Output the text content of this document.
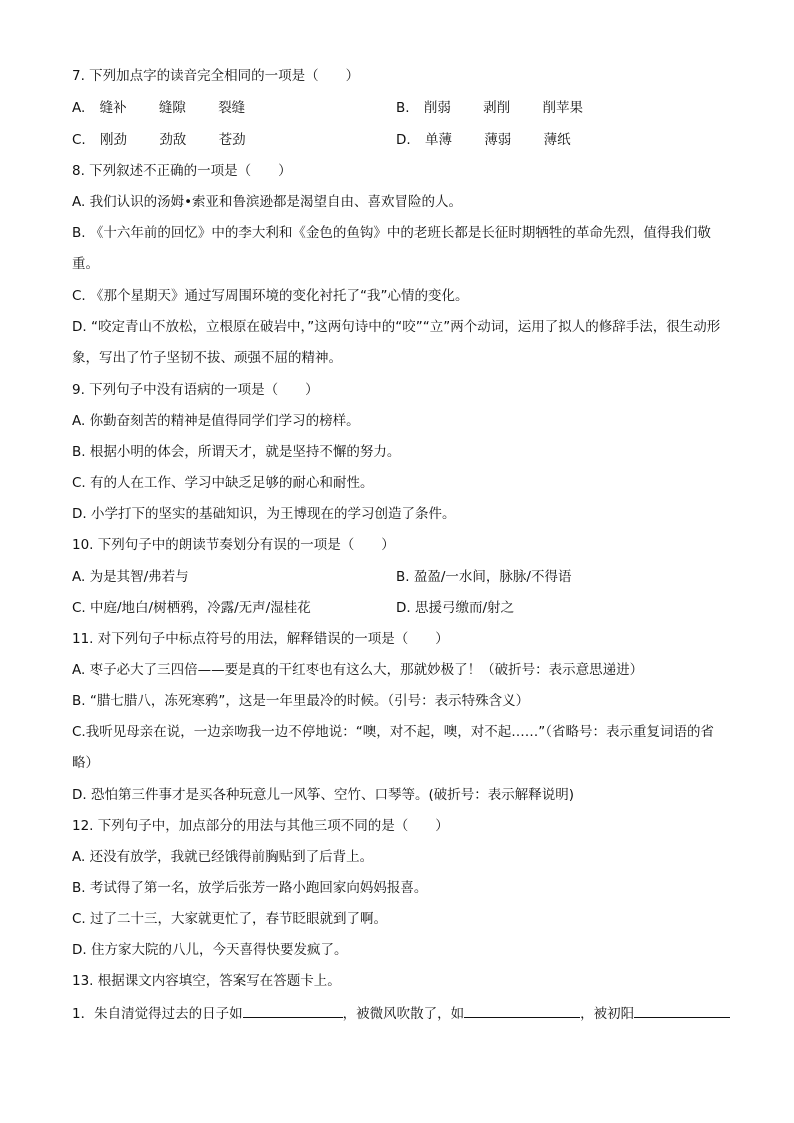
7. 下列加点字的读音完全相同的一项是（　　）
A. 缝补 缝隙 裂缝	B. 削弱 剥削 削苹果
C. 刚劲 劲敌 苍劲	D. 单薄 薄弱 薄纸
8. 下列叙述不正确的一项是（　　）
A. 我们认识的汤姆•索亚和鲁滨逊都是渴望自由、喜欢冒险的人。
B. 《十六年前的回忆》中的李大利和《金色的鱼钩》中的老班长都是长征时期牺牲的革命先烈，值得我们敬重。
C. 《那个星期天》通过写周围环境的变化衬托了“我”心情的变化。
D. “咬定青山不放松，立根原在破岩中，”这两句诗中的“咬”“立”两个动词，运用了拟人的修辞手法，很生动形象，写出了竹子坚韧不拔、顽强不屈的精神。
9. 下列句子中没有语病的一项是（　　）
A. 你勤奋刻苦的精神是值得同学们学习的榜样。
B. 根据小明的体会，所谓天才，就是坚持不懈的努力。
C. 有的人在工作、学习中缺乏足够的耐心和耐性。
D. 小学打下的坚实的基础知识，为王博现在的学习创造了条件。
10. 下列句子中的朗读节奏划分有误的一项是（　　）
A. 为是其智/弗若与	B. 盈盈/一水间，脉脉/不得语
C. 中庭/地白/树栖鸦，冷露/无声/湿桂花	D. 思援弓缴而/射之
11. 对下列句子中标点符号的用法，解释错误的一项是（　　）
A. 枣子必大了三四倍——要是真的干红枣也有这么大，那就妙极了！（破折号：表示意思递进）
B. “腊七腊八，冻死寒鸦”，这是一年里最冷的时候。（引号：表示特殊含义）
C.我听见母亲在说，一边亲吻我一边不停地说：“噢，对不起，噢，对不起……”（省略号：表示重复词语的省略）
D. 恐怕第三件事才是买各种玩意儿一风筝、空竹、口琴等。(破折号：表示解释说明)
12. 下列句子中，加点部分的用法与其他三项不同的是（　　）
A. 还没有放学，我就已经饿得前胸贴到了后背上。
B. 考试得了第一名，放学后张芳一路小跑回家向妈妈报喜。
C. 过了二十三，大家就更忙了，春节眨眼就到了啊。
D. 住方家大院的八儿，今天喜得快要发疯了。
13. 根据课文内容填空，答案写在答题卡上。
1．朱自清觉得过去的日子如	，被微风吹散了，如	，被初阳
